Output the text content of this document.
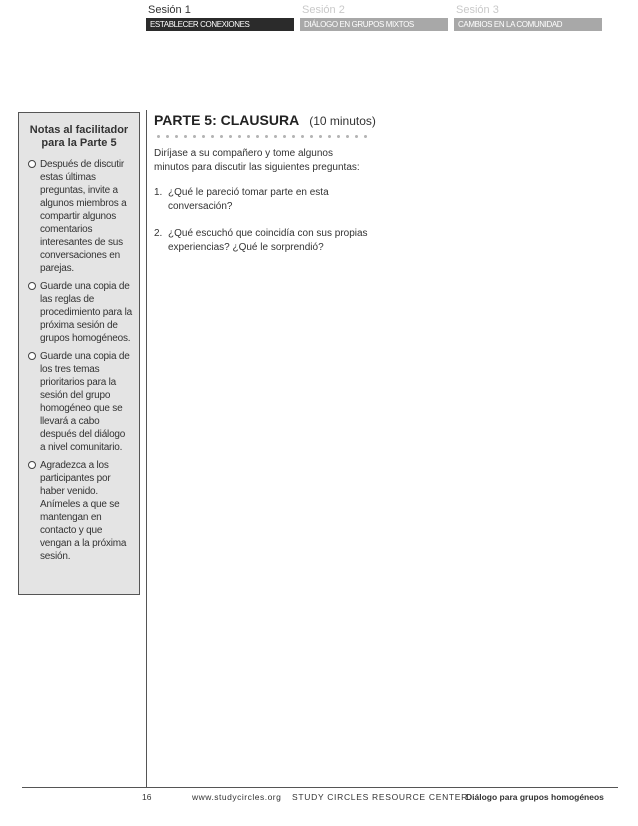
Sesión 1
ESTABLECER CONEXIONES
Sesión 2
DIÁLOGO EN GRUPOS MIXTOS
Sesión 3
CAMBIOS EN LA COMUNIDAD
Notas al facilitador
para la Parte 5
Después de discutir estas últimas preguntas, invite a algunos miembros a compartir algunos comentarios interesantes de sus conversaciones en parejas.
Guarde una copia de las reglas de procedimiento para la próxima sesión de grupos homogéneos.
Guarde una copia de los tres temas prioritarios para la sesión del grupo homogéneo que se llevará a cabo después del diálogo a nivel comunitario.
Agradezca a los participantes por haber venido. Anímeles a que se mantengan en contacto y que vengan a la próxima sesión.
PARTE 5: CLAUSURA (10 minutos)

Diríjase a su compañero y tome algunos minutos para discutir las siguientes preguntas:

1. ¿Qué le pareció tomar parte en esta conversación?
2. ¿Qué escuchó que coincidía con sus propias experiencias? ¿Qué le sorprendió?
16	www.studycircles.org STUDY CIRCLES RESOURCE CENTER
Diálogo para grupos homogéneos
